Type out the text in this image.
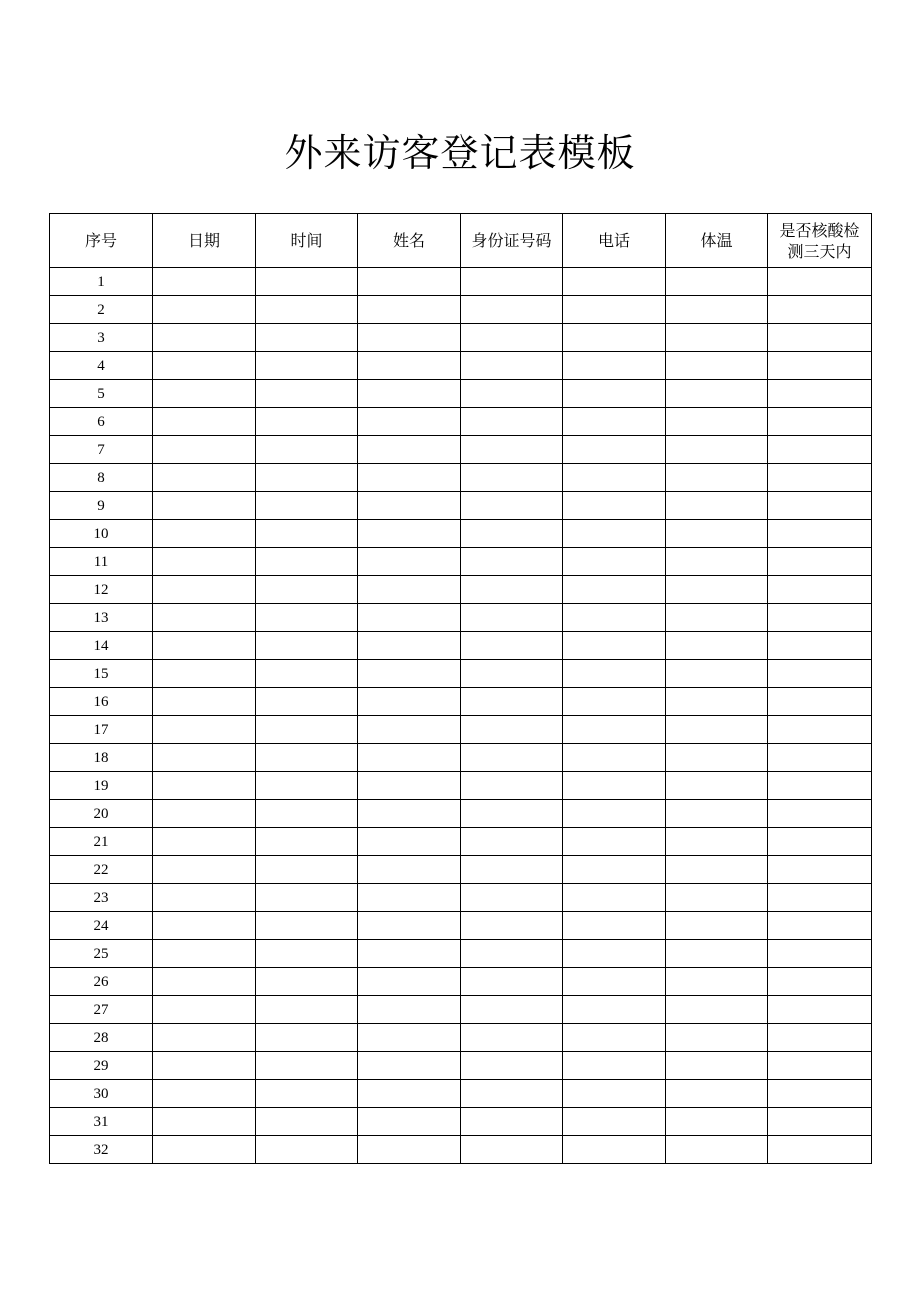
外来访客登记表模板
序号	日期	时间	姓名	身份证号码	电话	体温	是否核酸检测三天内
1							
2							
3							
4							
5							
6							
7							
8							
9							
10							
11							
12							
13							
14							
15							
16							
17							
18							
19							
20							
21							
22							
23							
24							
25							
26							
27							
28							
29							
30							
31							
32							
